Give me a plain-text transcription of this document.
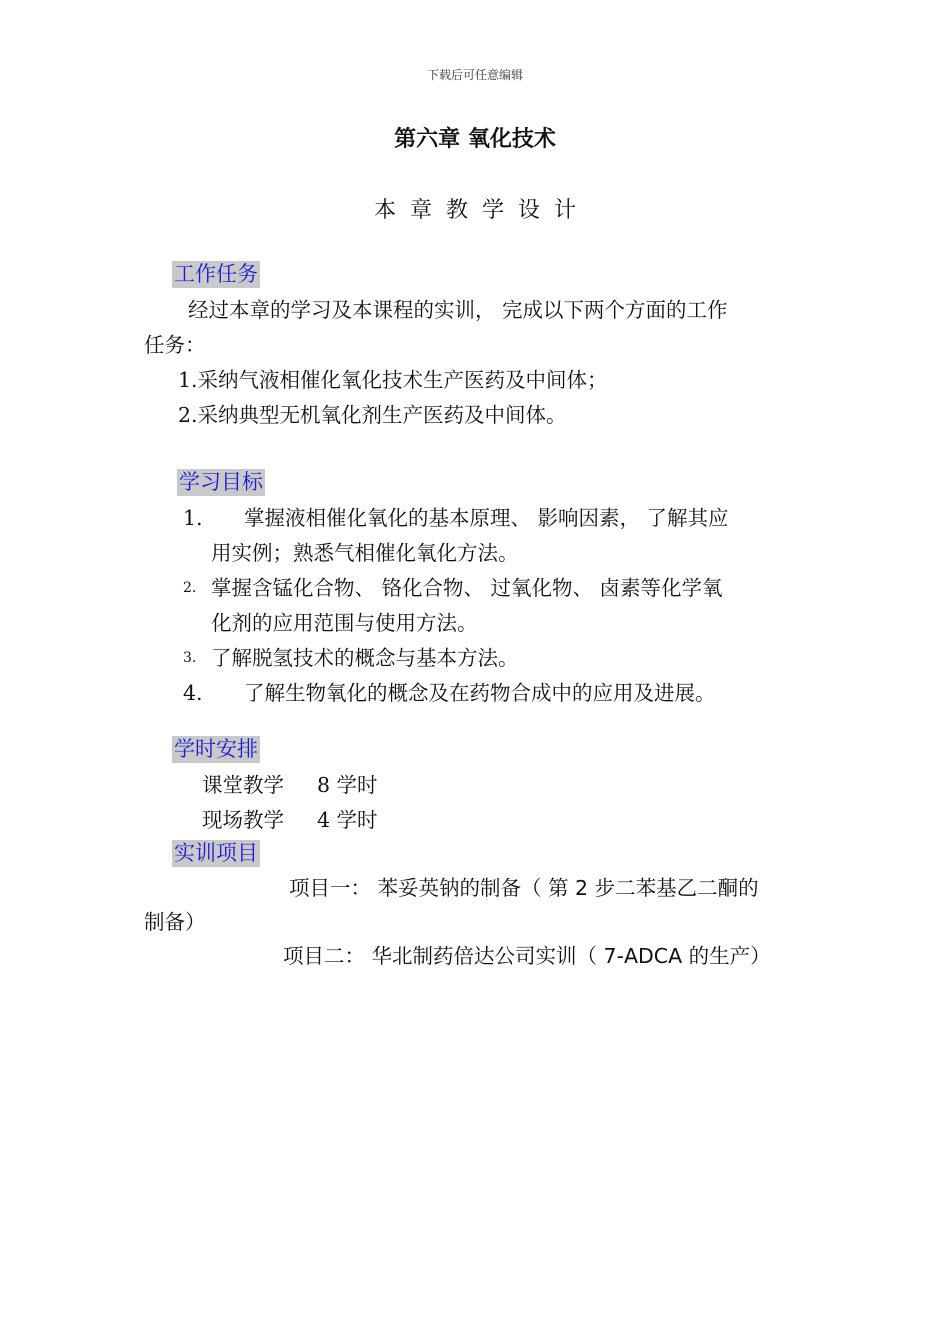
下载后可任意编辑
第六章 氧化技术
本章教学设计
工作任务
经过本章的学习及本课程的实训， 完成以下两个方面的工作
任务：
1.采纳气液相催化氧化技术生产医药及中间体；
2.采纳典型无机氧化剂生产医药及中间体。
学习目标
1. 掌握液相催化氧化的基本原理、 影响因素， 了解其应
用实例；熟悉气相催化氧化方法。
2. 掌握含锰化合物、 铬化合物、 过氧化物、 卤素等化学氧
化剂的应用范围与使用方法。
3. 了解脱氢技术的概念与基本方法。
4. 了解生物氧化的概念及在药物合成中的应用及进展。
学时安排
课堂教学 8 学时
现场教学 4 学时
实训项目
项目一： 苯妥英钠的制备（ 第 2 步二苯基乙二酮的
制备）
项目二： 华北制药倍达公司实训（ 7-ADCA 的生产）
